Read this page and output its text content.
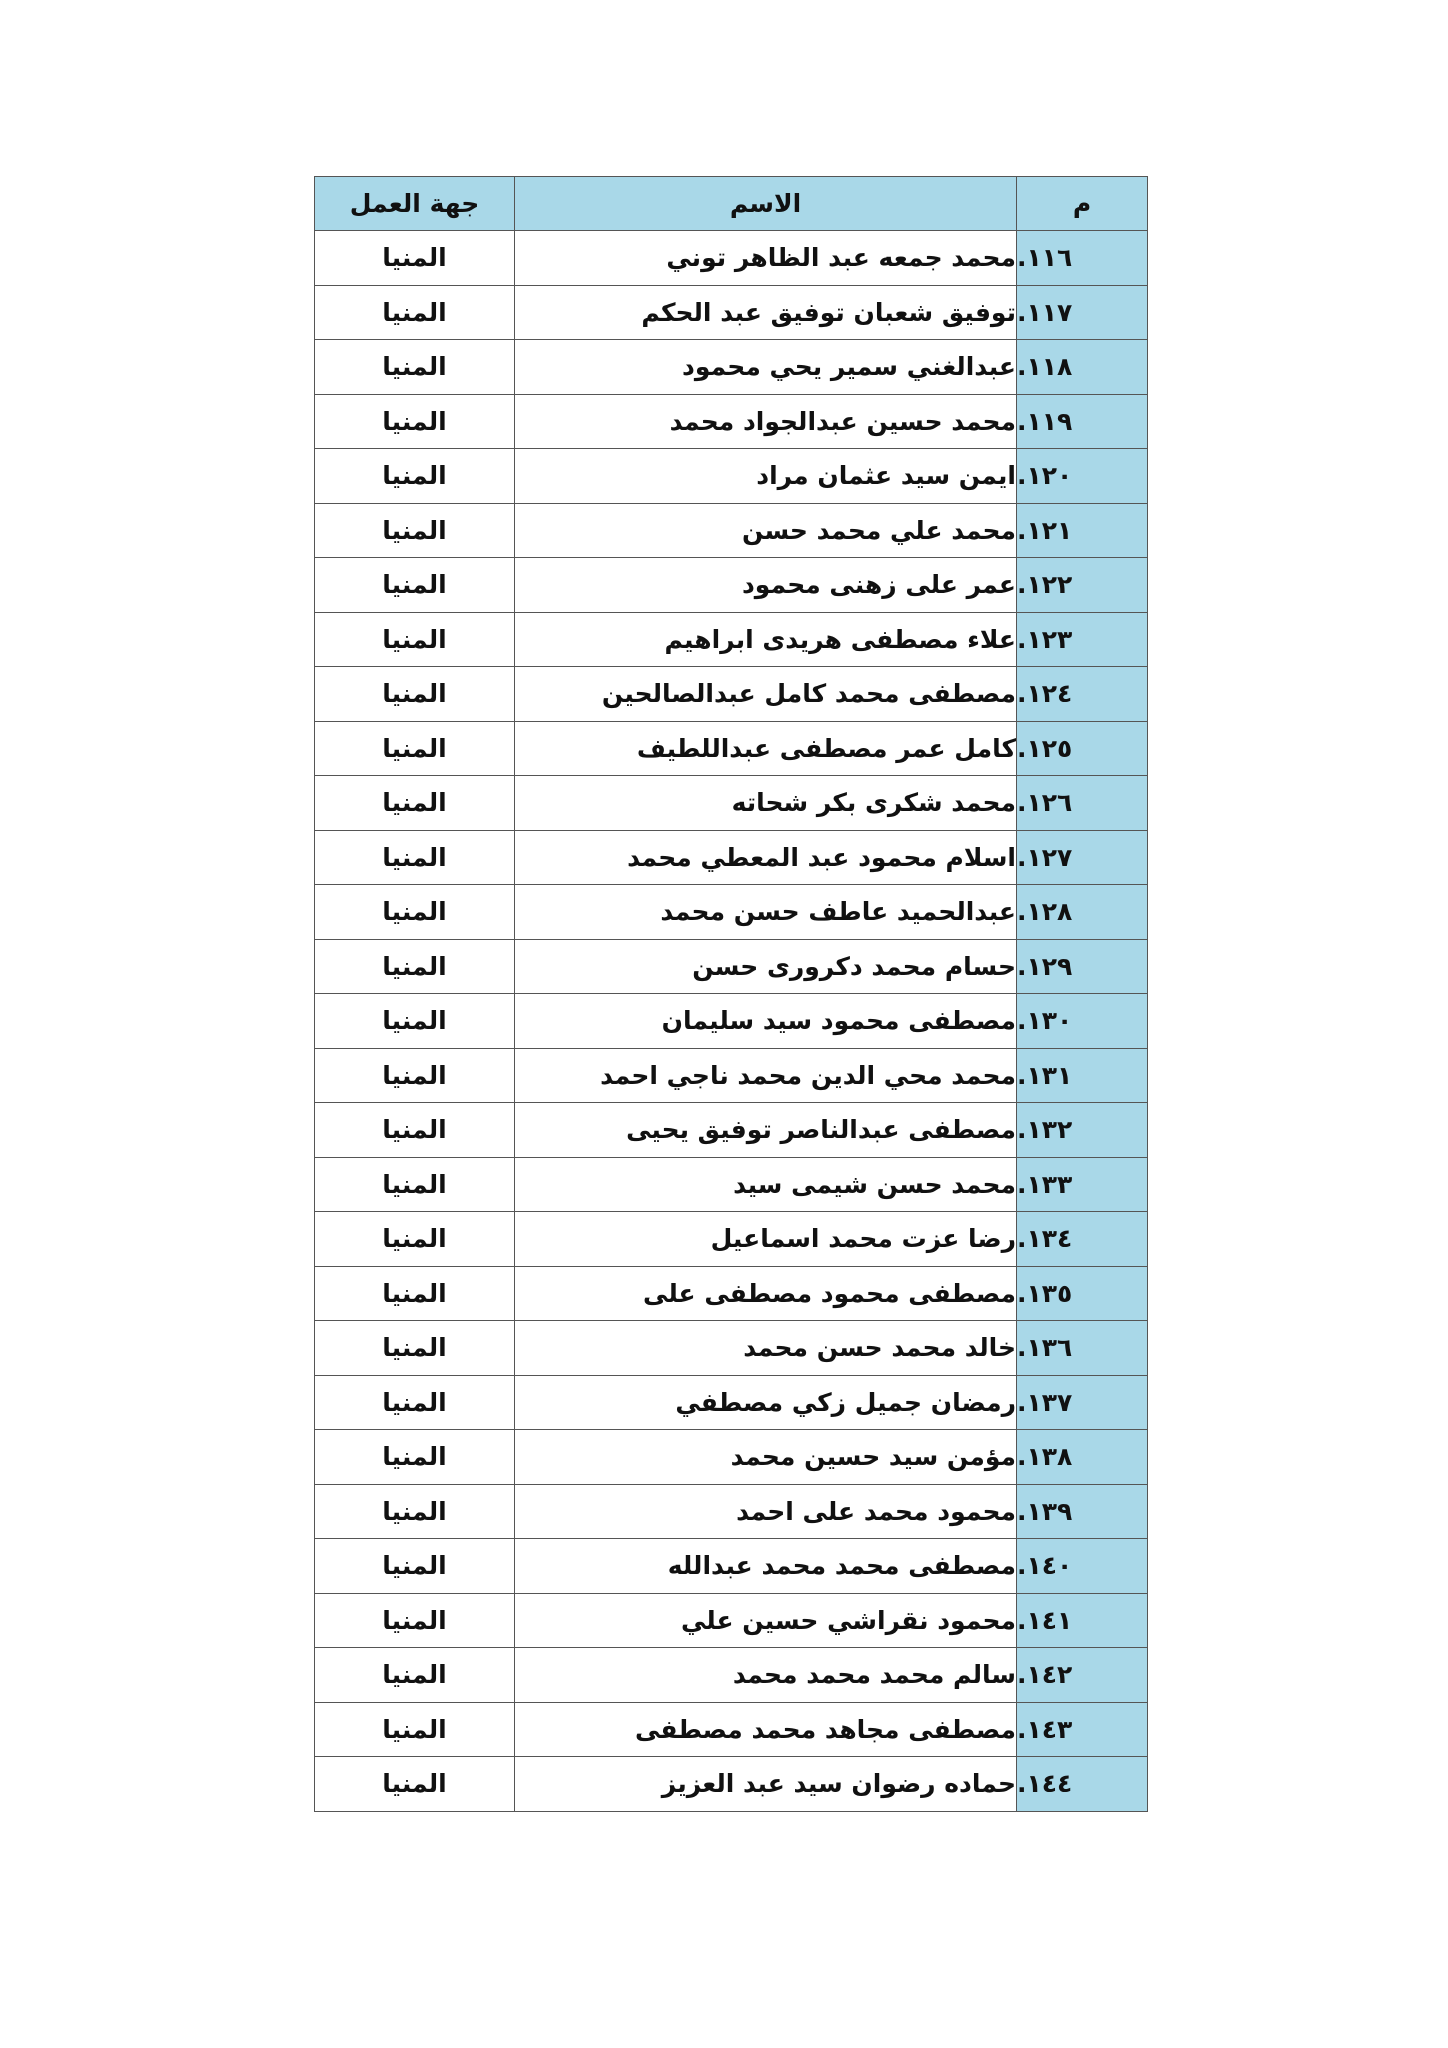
جهة العمل	الاسم	م
المنيا	محمد جمعه عبد الظاهر توني	١١٦.
المنيا	توفيق شعبان توفيق عبد الحكم	١١٧.
المنيا	عبدالغني سمير يحي محمود	١١٨.
المنيا	محمد حسين عبدالجواد محمد	١١٩.
المنيا	ايمن سيد عثمان مراد	١٢٠.
المنيا	محمد علي محمد حسن	١٢١.
المنيا	عمر على زهنى محمود	١٢٢.
المنيا	علاء مصطفى هريدى ابراهيم	١٢٣.
المنيا	مصطفى محمد كامل عبدالصالحين	١٢٤.
المنيا	كامل عمر مصطفى عبداللطيف	١٢٥.
المنيا	محمد شكرى بكر شحاته	١٢٦.
المنيا	اسلام محمود عبد المعطي محمد	١٢٧.
المنيا	عبدالحميد عاطف حسن محمد	١٢٨.
المنيا	حسام محمد دكرورى حسن	١٢٩.
المنيا	مصطفى محمود سيد سليمان	١٣٠.
المنيا	محمد محي الدين محمد ناجي احمد	١٣١.
المنيا	مصطفى عبدالناصر توفيق يحيى	١٣٢.
المنيا	محمد حسن شيمى سيد	١٣٣.
المنيا	رضا عزت محمد اسماعيل	١٣٤.
المنيا	مصطفى محمود مصطفى على	١٣٥.
المنيا	خالد محمد حسن محمد	١٣٦.
المنيا	رمضان جميل زكي مصطفي	١٣٧.
المنيا	مؤمن سيد حسين محمد	١٣٨.
المنيا	محمود محمد على احمد	١٣٩.
المنيا	مصطفى محمد محمد عبدالله	١٤٠.
المنيا	محمود نقراشي حسين علي	١٤١.
المنيا	سالم محمد محمد محمد	١٤٢.
المنيا	مصطفى مجاهد محمد مصطفى	١٤٣.
المنيا	حماده رضوان سيد عبد العزيز	١٤٤.
